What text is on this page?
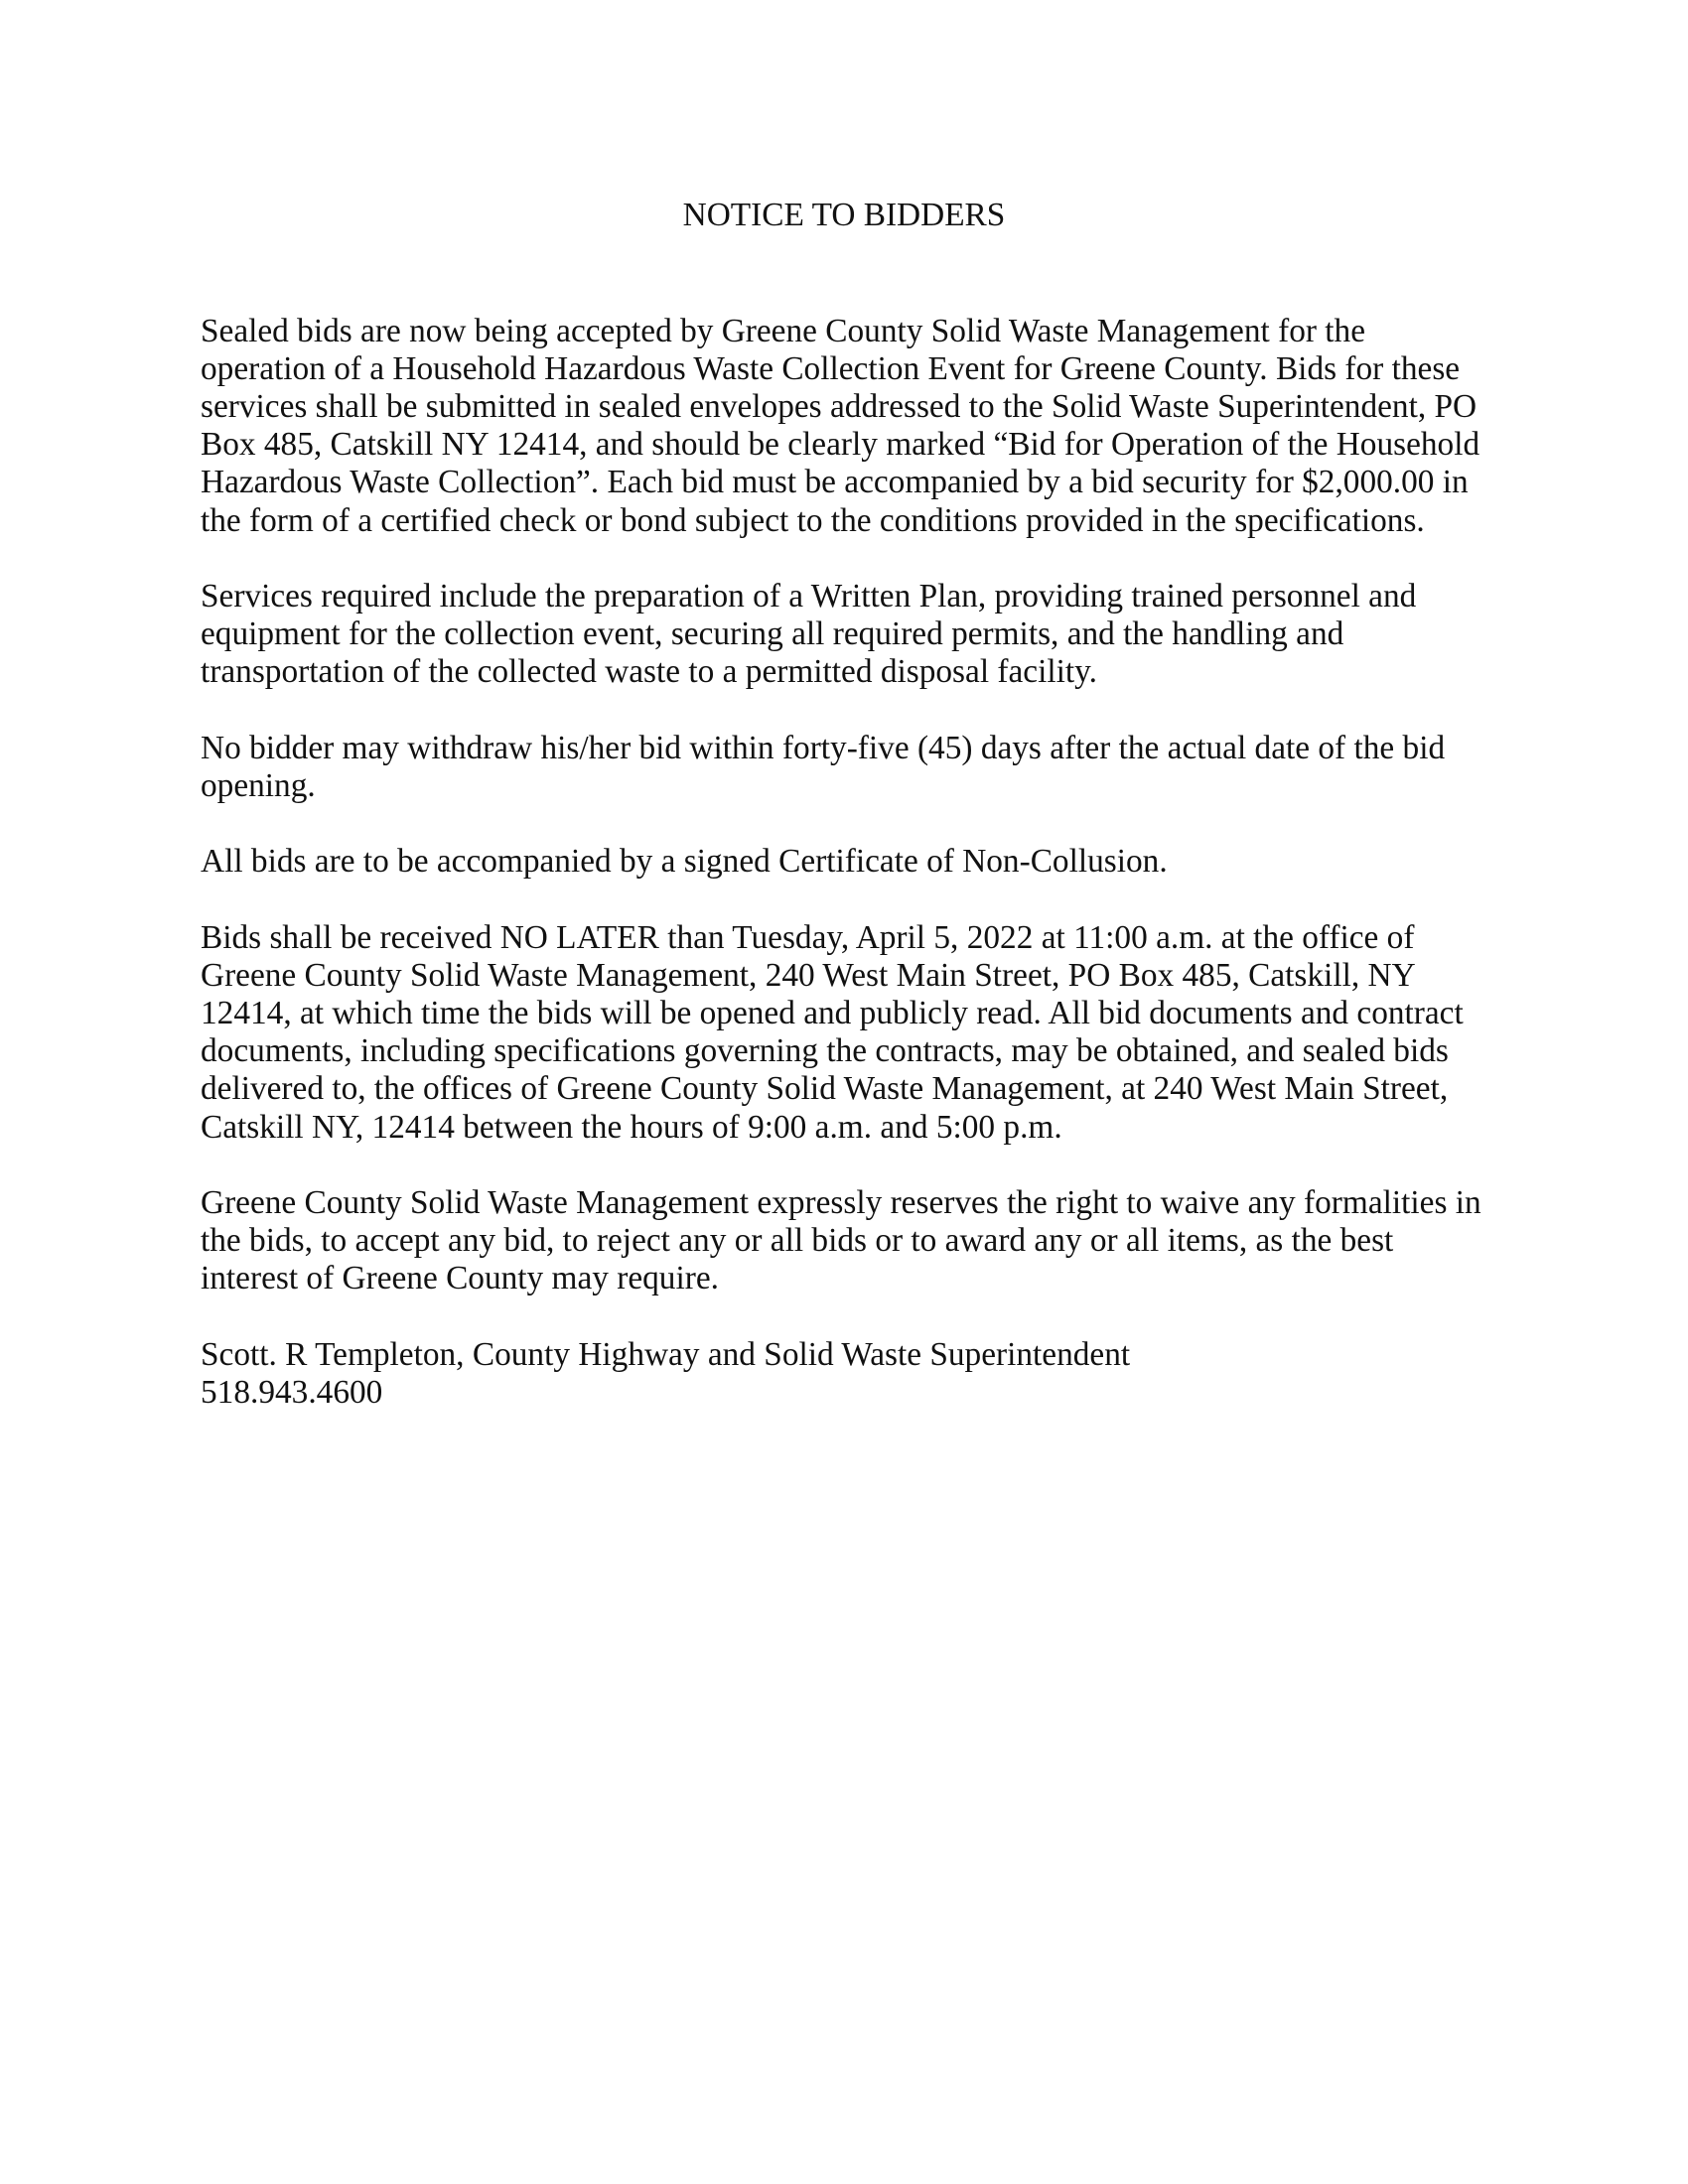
NOTICE TO BIDDERS

Sealed bids are now being accepted by Greene County Solid Waste Management for the
operation of a Household Hazardous Waste Collection Event for Greene County. Bids for these
services shall be submitted in sealed envelopes addressed to the Solid Waste Superintendent, PO
Box 485, Catskill NY 12414, and should be clearly marked “Bid for Operation of the Household
Hazardous Waste Collection”. Each bid must be accompanied by a bid security for $2,000.00 in
the form of a certified check or bond subject to the conditions provided in the specifications.

Services required include the preparation of a Written Plan, providing trained personnel and
equipment for the collection event, securing all required permits, and the handling and
transportation of the collected waste to a permitted disposal facility.

No bidder may withdraw his/her bid within forty-five (45) days after the actual date of the bid
opening.

All bids are to be accompanied by a signed Certificate of Non-Collusion.

Bids shall be received NO LATER than Tuesday, April 5, 2022 at 11:00 a.m. at the office of
Greene County Solid Waste Management, 240 West Main Street, PO Box 485, Catskill, NY
12414, at which time the bids will be opened and publicly read. All bid documents and contract
documents, including specifications governing the contracts, may be obtained, and sealed bids
delivered to, the offices of Greene County Solid Waste Management, at 240 West Main Street,
Catskill NY, 12414 between the hours of 9:00 a.m. and 5:00 p.m.

Greene County Solid Waste Management expressly reserves the right to waive any formalities in
the bids, to accept any bid, to reject any or all bids or to award any or all items, as the best
interest of Greene County may require.

Scott. R Templeton, County Highway and Solid Waste Superintendent
518.943.4600
